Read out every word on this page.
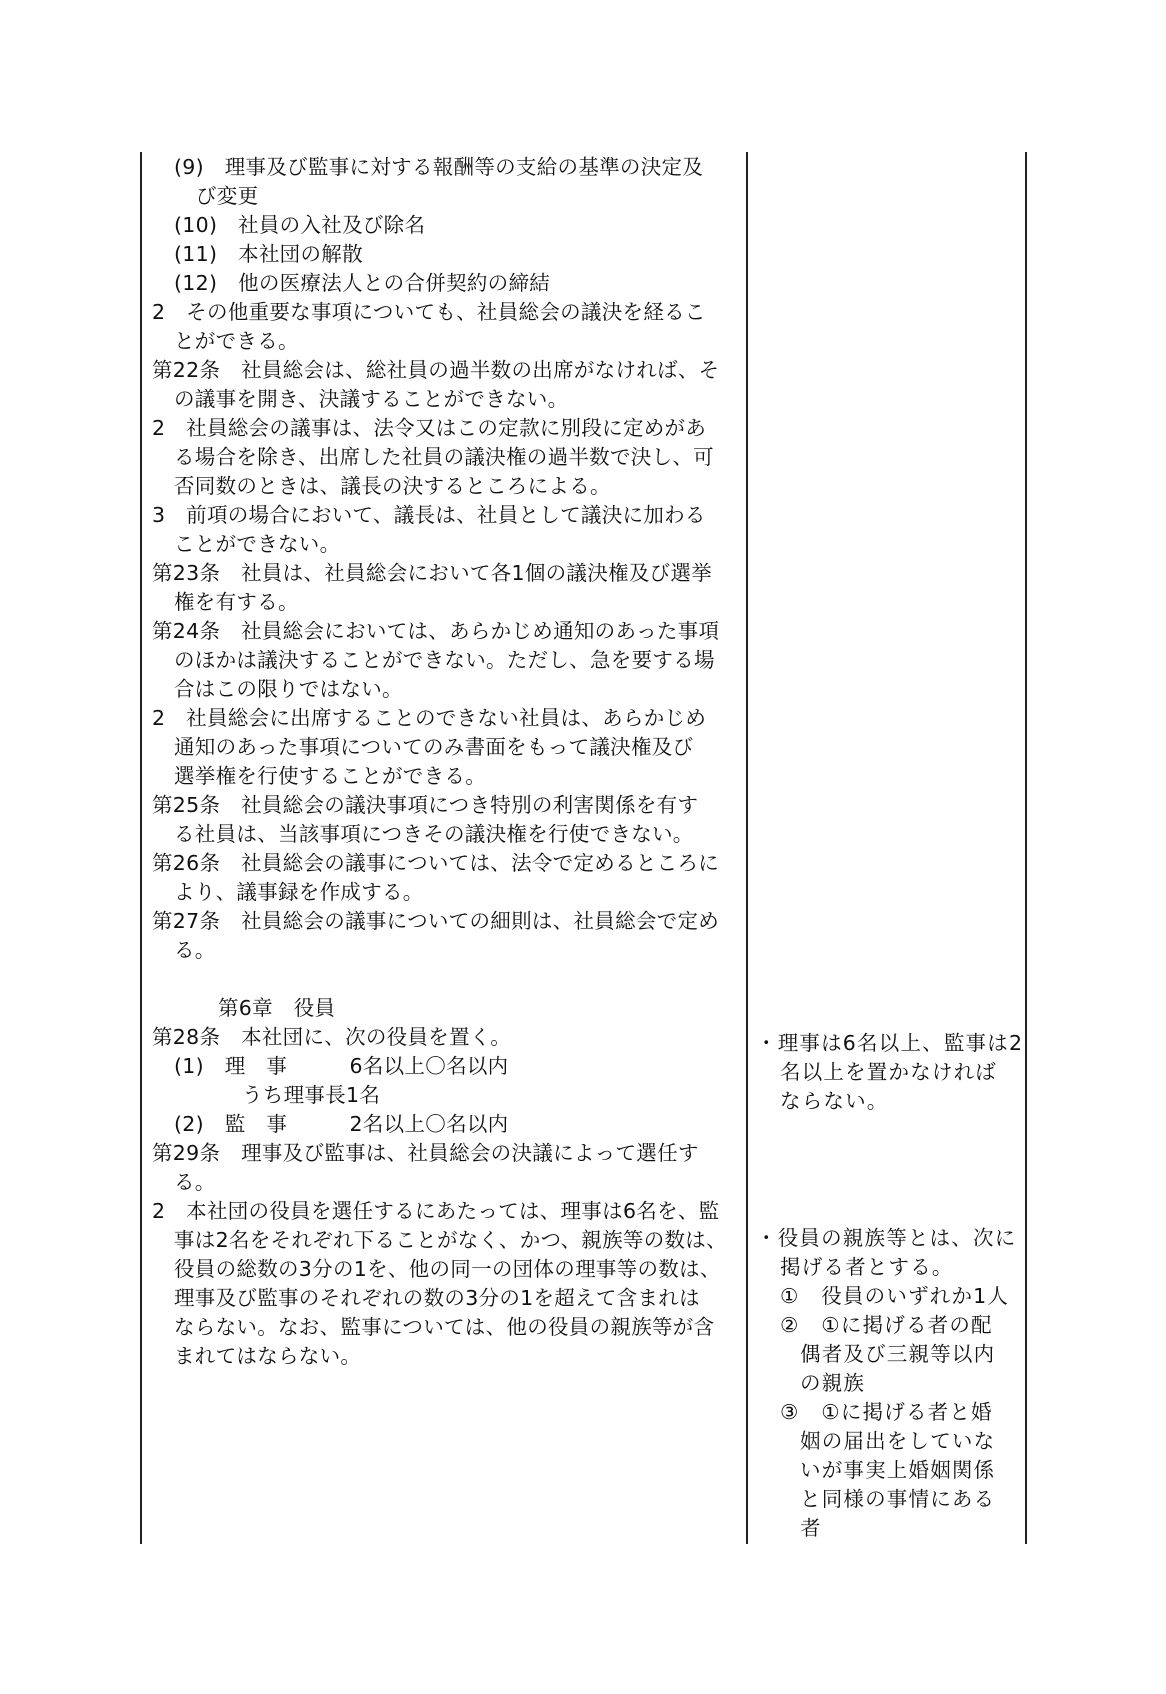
(9)　理事及び監事に対する報酬等の支給の基準の決定及
び変更
(10)　社員の入社及び除名
(11)　本社団の解散
(12)　他の医療法人との合併契約の締結
2　その他重要な事項についても、社員総会の議決を経るこ
とができる。
第22条　社員総会は、総社員の過半数の出席がなければ、そ
の議事を開き、決議することができない。
2　社員総会の議事は、法令又はこの定款に別段に定めがあ
る場合を除き、出席した社員の議決権の過半数で決し、可
否同数のときは、議長の決するところによる。
3　前項の場合において、議長は、社員として議決に加わる
ことができない。
第23条　社員は、社員総会において各1個の議決権及び選挙
権を有する。
第24条　社員総会においては、あらかじめ通知のあった事項
のほかは議決することができない。ただし、急を要する場
合はこの限りではない。
2　社員総会に出席することのできない社員は、あらかじめ
通知のあった事項についてのみ書面をもって議決権及び
選挙権を行使することができる。
第25条　社員総会の議決事項につき特別の利害関係を有す
る社員は、当該事項につきその議決権を行使できない。
第26条　社員総会の議事については、法令で定めるところに
より、議事録を作成する。
第27条　社員総会の議事についての細則は、社員総会で定め
る。
第6章　役員
第28条　本社団に、次の役員を置く。
(1)　理　事　　　6名以上〇名以内
うち理事長1名
(2)　監　事　　　2名以上〇名以内
第29条　理事及び監事は、社員総会の決議によって選任す
る。
2　本社団の役員を選任するにあたっては、理事は6名を、監
事は2名をそれぞれ下ることがなく、かつ、親族等の数は、
役員の総数の3分の1を、他の同一の団体の理事等の数は、
理事及び監事のそれぞれの数の3分の1を超えて含まれは
ならない。なお、監事については、他の役員の親族等が含
まれてはならない。
・理事は6名以上、監事は2
名以上を置かなければ
ならない。
・役員の親族等とは、次に
掲げる者とする。
①　役員のいずれか1人
②　①に掲げる者の配
偶者及び三親等以内
の親族
③　①に掲げる者と婚
姻の届出をしていな
いが事実上婚姻関係
と同様の事情にある
者
